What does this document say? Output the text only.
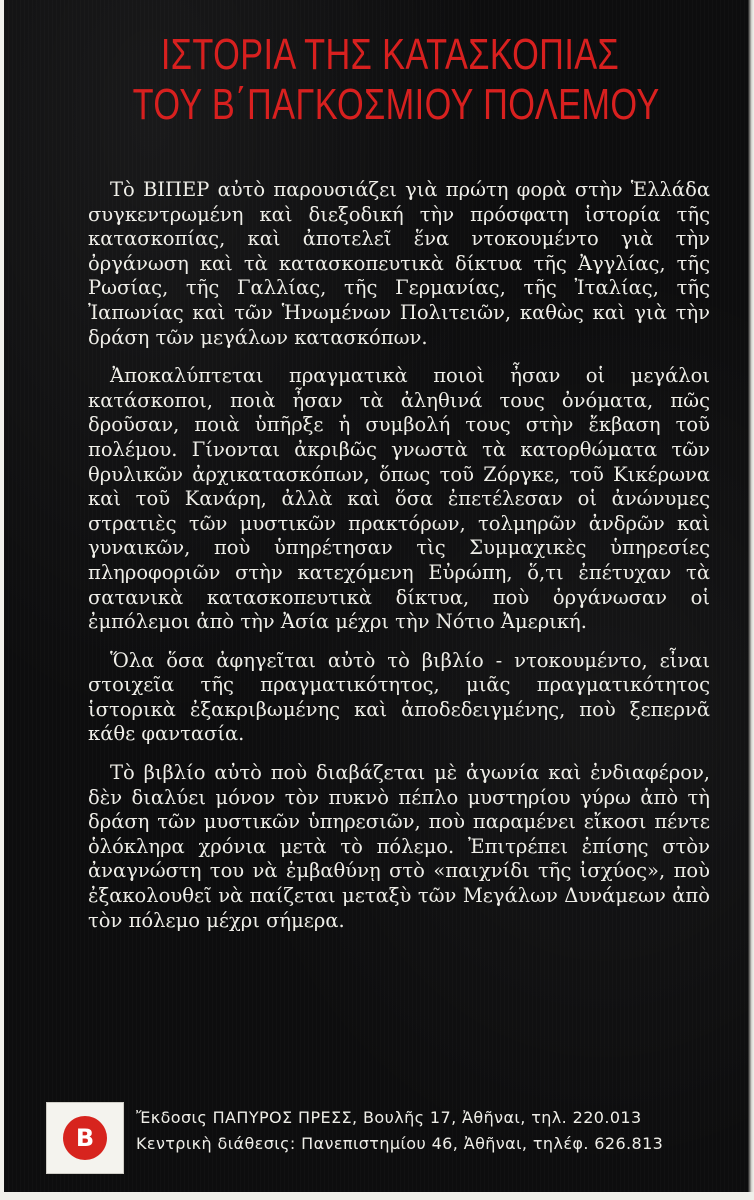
ΙΣΤΟΡΙΑ ΤΗΣ ΚΑΤΑΣΚΟΠΙΑΣ
ΤΟΥ Β΄ΠΑΓΚΟΣΜΙΟΥ ΠΟΛΕΜΟΥ

Τὸ ΒΙΠΕΡ αὐτὸ παρουσιάζει γιὰ πρώτη φορὰ στὴν Ἑλλάδα συγκεντρωμένη καὶ διεξοδική τὴν πρόσφατη ἱστορία τῆς κατασκοπίας, καὶ ἀποτελεῖ ἕνα ντοκουμέντο γιὰ τὴν ὀργάνωση καὶ τὰ κατασκοπευτικὰ δίκτυα τῆς Ἀγγλίας, τῆς Ρωσίας, τῆς Γαλλίας, τῆς Γερμανίας, τῆς Ἰταλίας, τῆς Ἰαπωνίας καὶ τῶν Ἡνωμένων Πολιτειῶν, καθὼς καὶ γιὰ τὴν δράση τῶν μεγάλων κατασκόπων.

Ἀποκαλύπτεται πραγματικὰ ποιοὶ ἦσαν οἱ μεγάλοι κατάσκοποι, ποιὰ ἦσαν τὰ ἀληθινά τους ὀνόματα, πῶς δροῦσαν, ποιὰ ὑπῆρξε ἡ συμβολή τους στὴν ἔκβαση τοῦ πολέμου. Γίνονται ἀκριβῶς γνωστὰ τὰ κατορθώματα τῶν θρυλικῶν ἀρχικατασκόπων, ὅπως τοῦ Ζόργκε, τοῦ Κικέρωνα καὶ τοῦ Κανάρη, ἀλλὰ καὶ ὅσα ἐπετέλεσαν οἱ ἀνώνυμες στρατιὲς τῶν μυστικῶν πρακτόρων, τολμηρῶν ἀνδρῶν καὶ γυναικῶν, ποὺ ὑπηρέτησαν τὶς Συμμαχικὲς ὑπηρεσίες πληροφοριῶν στὴν κατεχόμενη Εὐρώπη, ὅ,τι ἐπέτυχαν τὰ σατανικὰ κατασκοπευτικὰ δίκτυα, ποὺ ὀργάνωσαν οἱ ἐμπόλεμοι ἀπὸ τὴν Ἀσία μέχρι τὴν Νότιο Ἀμερική.

Ὅλα ὅσα ἀφηγεῖται αὐτὸ τὸ βιβλίο - ντοκουμέντο, εἶναι στοιχεῖα τῆς πραγματικότητος, μιᾶς πραγματικότητος ἱστορικὰ ἐξακριβωμένης καὶ ἀποδεδειγμένης, ποὺ ξεπερνᾶ κάθε φαντασία.

Τὸ βιβλίο αὐτὸ ποὺ διαβάζεται μὲ ἀγωνία καὶ ἐνδιαφέρον, δὲν διαλύει μόνον τὸν πυκνὸ πέπλο μυστηρίου γύρω ἀπὸ τὴ δράση τῶν μυστικῶν ὑπηρεσιῶν, ποὺ παραμένει εἴκοσι πέντε ὁλόκληρα χρόνια μετὰ τὸ πόλεμο. Ἐπιτρέπει ἐπίσης στὸν ἀναγνώστη του νὰ ἐμβαθύνῃ στὸ «παιχνίδι τῆς ἰσχύος», ποὺ ἐξακολουθεῖ νὰ παίζεται μεταξὺ τῶν Μεγάλων Δυνάμεων ἀπὸ τὸν πόλεμο μέχρι σήμερα.

B
Ἔκδοσις ΠΑΠΥΡΟΣ ΠΡΕΣΣ, Βουλῆς 17, Ἀθῆναι, τηλ. 220.013
Κεντρικὴ διάθεσις: Πανεπιστημίου 46, Ἀθῆναι, τηλέφ. 626.813
